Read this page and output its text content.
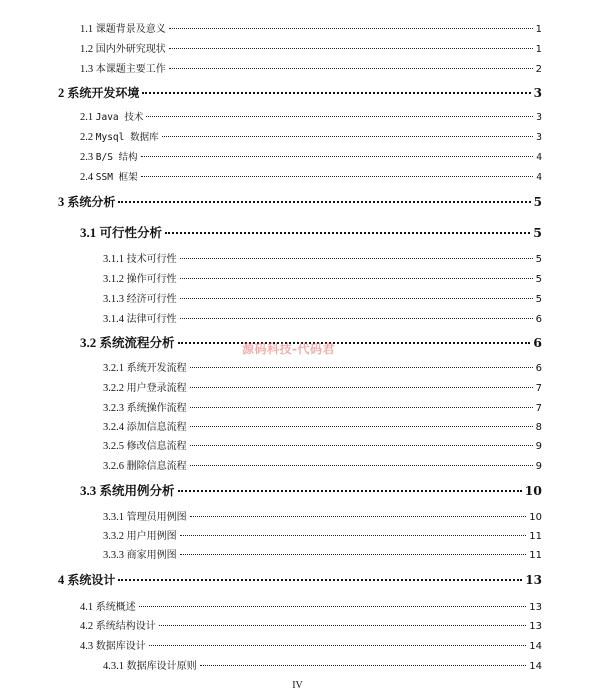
1.1 课题背景及意义	1
1.2 国内外研究现状	1
1.3 本课题主要工作	2
2 系统开发环境	3
2.1 Java 技术	3
2.2 Mysql 数据库	3
2.3 B/S 结构	4
2.4 SSM 框架	4
3 系统分析	5
3.1 可行性分析	5
3.1.1 技术可行性	5
3.1.2 操作可行性	5
3.1.3 经济可行性	5
3.1.4 法律可行性	6
3.2 系统流程分析	6
3.2.1 系统开发流程	6
3.2.2 用户登录流程	7
3.2.3 系统操作流程	7
3.2.4 添加信息流程	8
3.2.5 修改信息流程	9
3.2.6 删除信息流程	9
3.3 系统用例分析	10
3.3.1 管理员用例图	10
3.3.2 用户用例图	11
3.3.3 商家用例图	11
4 系统设计	13
4.1 系统概述	13
4.2 系统结构设计	13
4.3 数据库设计	14
4.3.1 数据库设计原则	14
源码科技-代码君
IV
